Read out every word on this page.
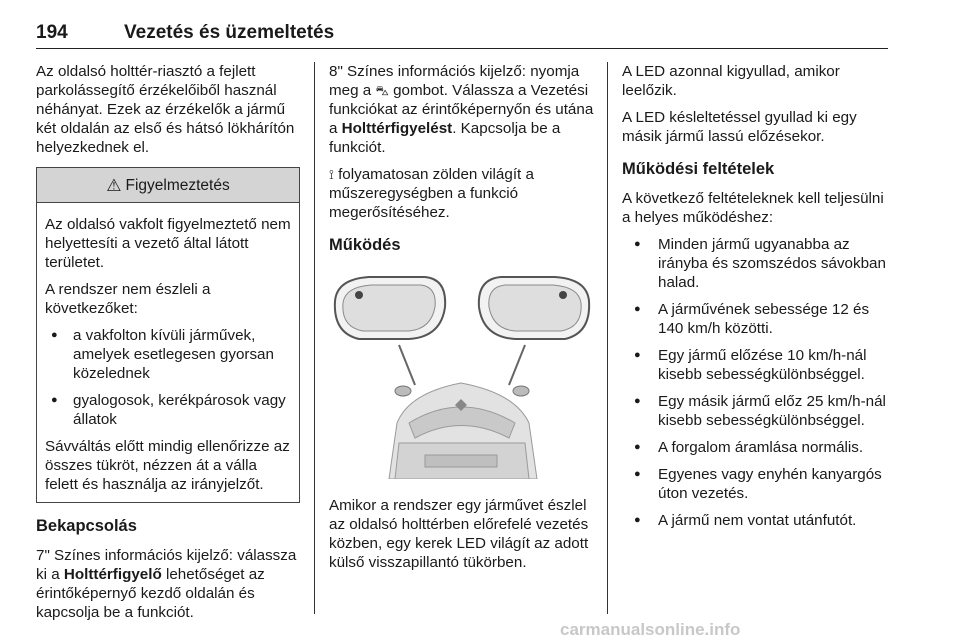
194	Vezetés és üzemeltetés

Az oldalsó holttér-riasztó a fejlett parkolássegítő érzékelőiből használ néhányat. Ezek az érzékelők a jármű két oldalán az első és hátsó lökhárítón helyezkednek el.

⚠ Figyelmeztetés

Az oldalsó vakfolt figyelmeztető nem helyettesíti a vezető által látott területet.

A rendszer nem észleli a következőket:

● a vakfolton kívüli járművek, amelyek esetlegesen gyorsan közelednek
● gyalogosok, kerékpárosok vagy állatok

Sávváltás előtt mindig ellenőrizze az összes tükröt, nézzen át a válla felett és használja az irányjelzőt.

Bekapcsolás

7" Színes információs kijelző: válassza ki a Holttérfigyelő lehetőséget az érintőképernyő kezdő oldalán és kapcsolja be a funkciót.

8" Színes információs kijelző: nyomja meg a ⛍ gombot. Válassza a Vezetési funkciókat az érintőképernyőn és utána a Holttérfigyelést. Kapcsolja be a funkciót.

⟟ folyamatosan zölden világít a műszeregységben a funkció megerősítéséhez.

Működés

Amikor a rendszer egy járművet észlel az oldalsó holttérben előrefelé vezetés közben, egy kerek LED világít az adott külső visszapillantó tükörben.

A LED azonnal kigyullad, amikor leelőzik.

A LED késleltetéssel gyullad ki egy másik jármű lassú előzésekor.

Működési feltételek

A következő feltételeknek kell teljesülni a helyes működéshez:

● Minden jármű ugyanabba az irányba és szomszédos sávokban halad.
● A járművének sebessége 12 és 140 km/h közötti.
● Egy jármű előzése 10 km/h-nál kisebb sebességkülönbséggel.
● Egy másik jármű előz 25 km/h-nál kisebb sebességkülönbséggel.
● A forgalom áramlása normális.
● Egyenes vagy enyhén kanyargós úton vezetés.
● A jármű nem vontat utánfutót.
carmanualsonline.info
